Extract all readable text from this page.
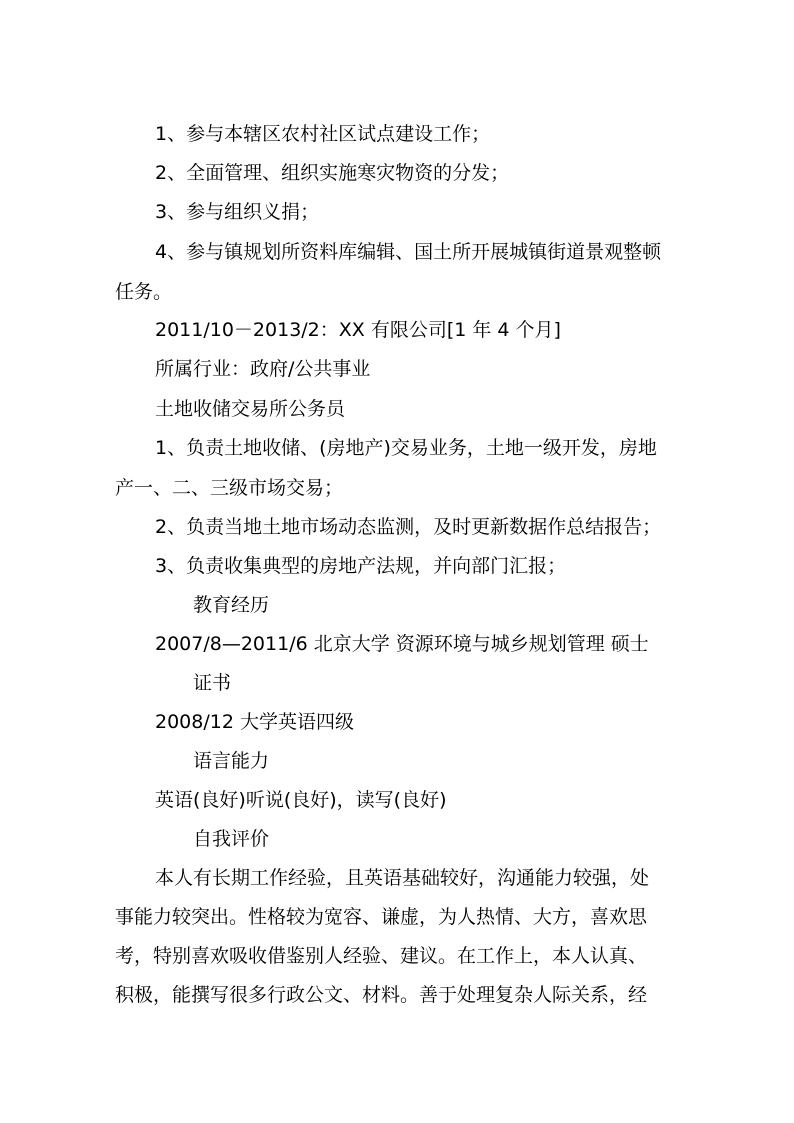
1、参与本辖区农村社区试点建设工作；
2、全面管理、组织实施寒灾物资的分发；
3、参与组织义捐；
4、参与镇规划所资料库编辑、国土所开展城镇街道景观整顿
任务。
2011/10－2013/2：XX 有限公司[1 年 4 个月]
所属行业：政府/公共事业
土地收储交易所公务员
1、负责土地收储、(房地产)交易业务，土地一级开发，房地
产一、二、三级市场交易；
2、负责当地土地市场动态监测，及时更新数据作总结报告；
3、负责收集典型的房地产法规，并向部门汇报；
教育经历
2007/8—2011/6 北京大学 资源环境与城乡规划管理 硕士
证书
2008/12 大学英语四级
语言能力
英语(良好)听说(良好)，读写(良好)
自我评价
本人有长期工作经验，且英语基础较好，沟通能力较强，处
事能力较突出。性格较为宽容、谦虚，为人热情、大方，喜欢思
考，特别喜欢吸收借鉴别人经验、建议。在工作上，本人认真、
积极，能撰写很多行政公文、材料。善于处理复杂人际关系，经
